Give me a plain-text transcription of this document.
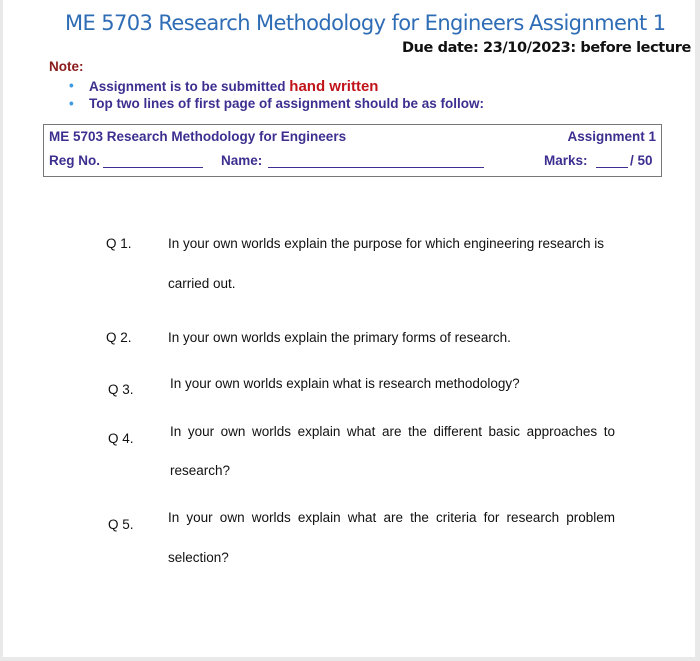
ME 5703 Research Methodology for Engineers Assignment 1
Due date: 23/10/2023: before lecture
Note:
• Assignment is to be submitted hand written
• Top two lines of first page of assignment should be as follow:
ME 5703 Research Methodology for Engineers	Assignment 1
Reg No.	Name:	Marks:	/ 50
Q 1.	In your own worlds explain the purpose for which engineering research is
carried out.
Q 2.	In your own worlds explain the primary forms of research.
Q 3.	In your own worlds explain what is research methodology?
Q 4.	In your own worlds explain what are the different basic approaches to
research?
Q 5.	In your own worlds explain what are the criteria for research problem
selection?
